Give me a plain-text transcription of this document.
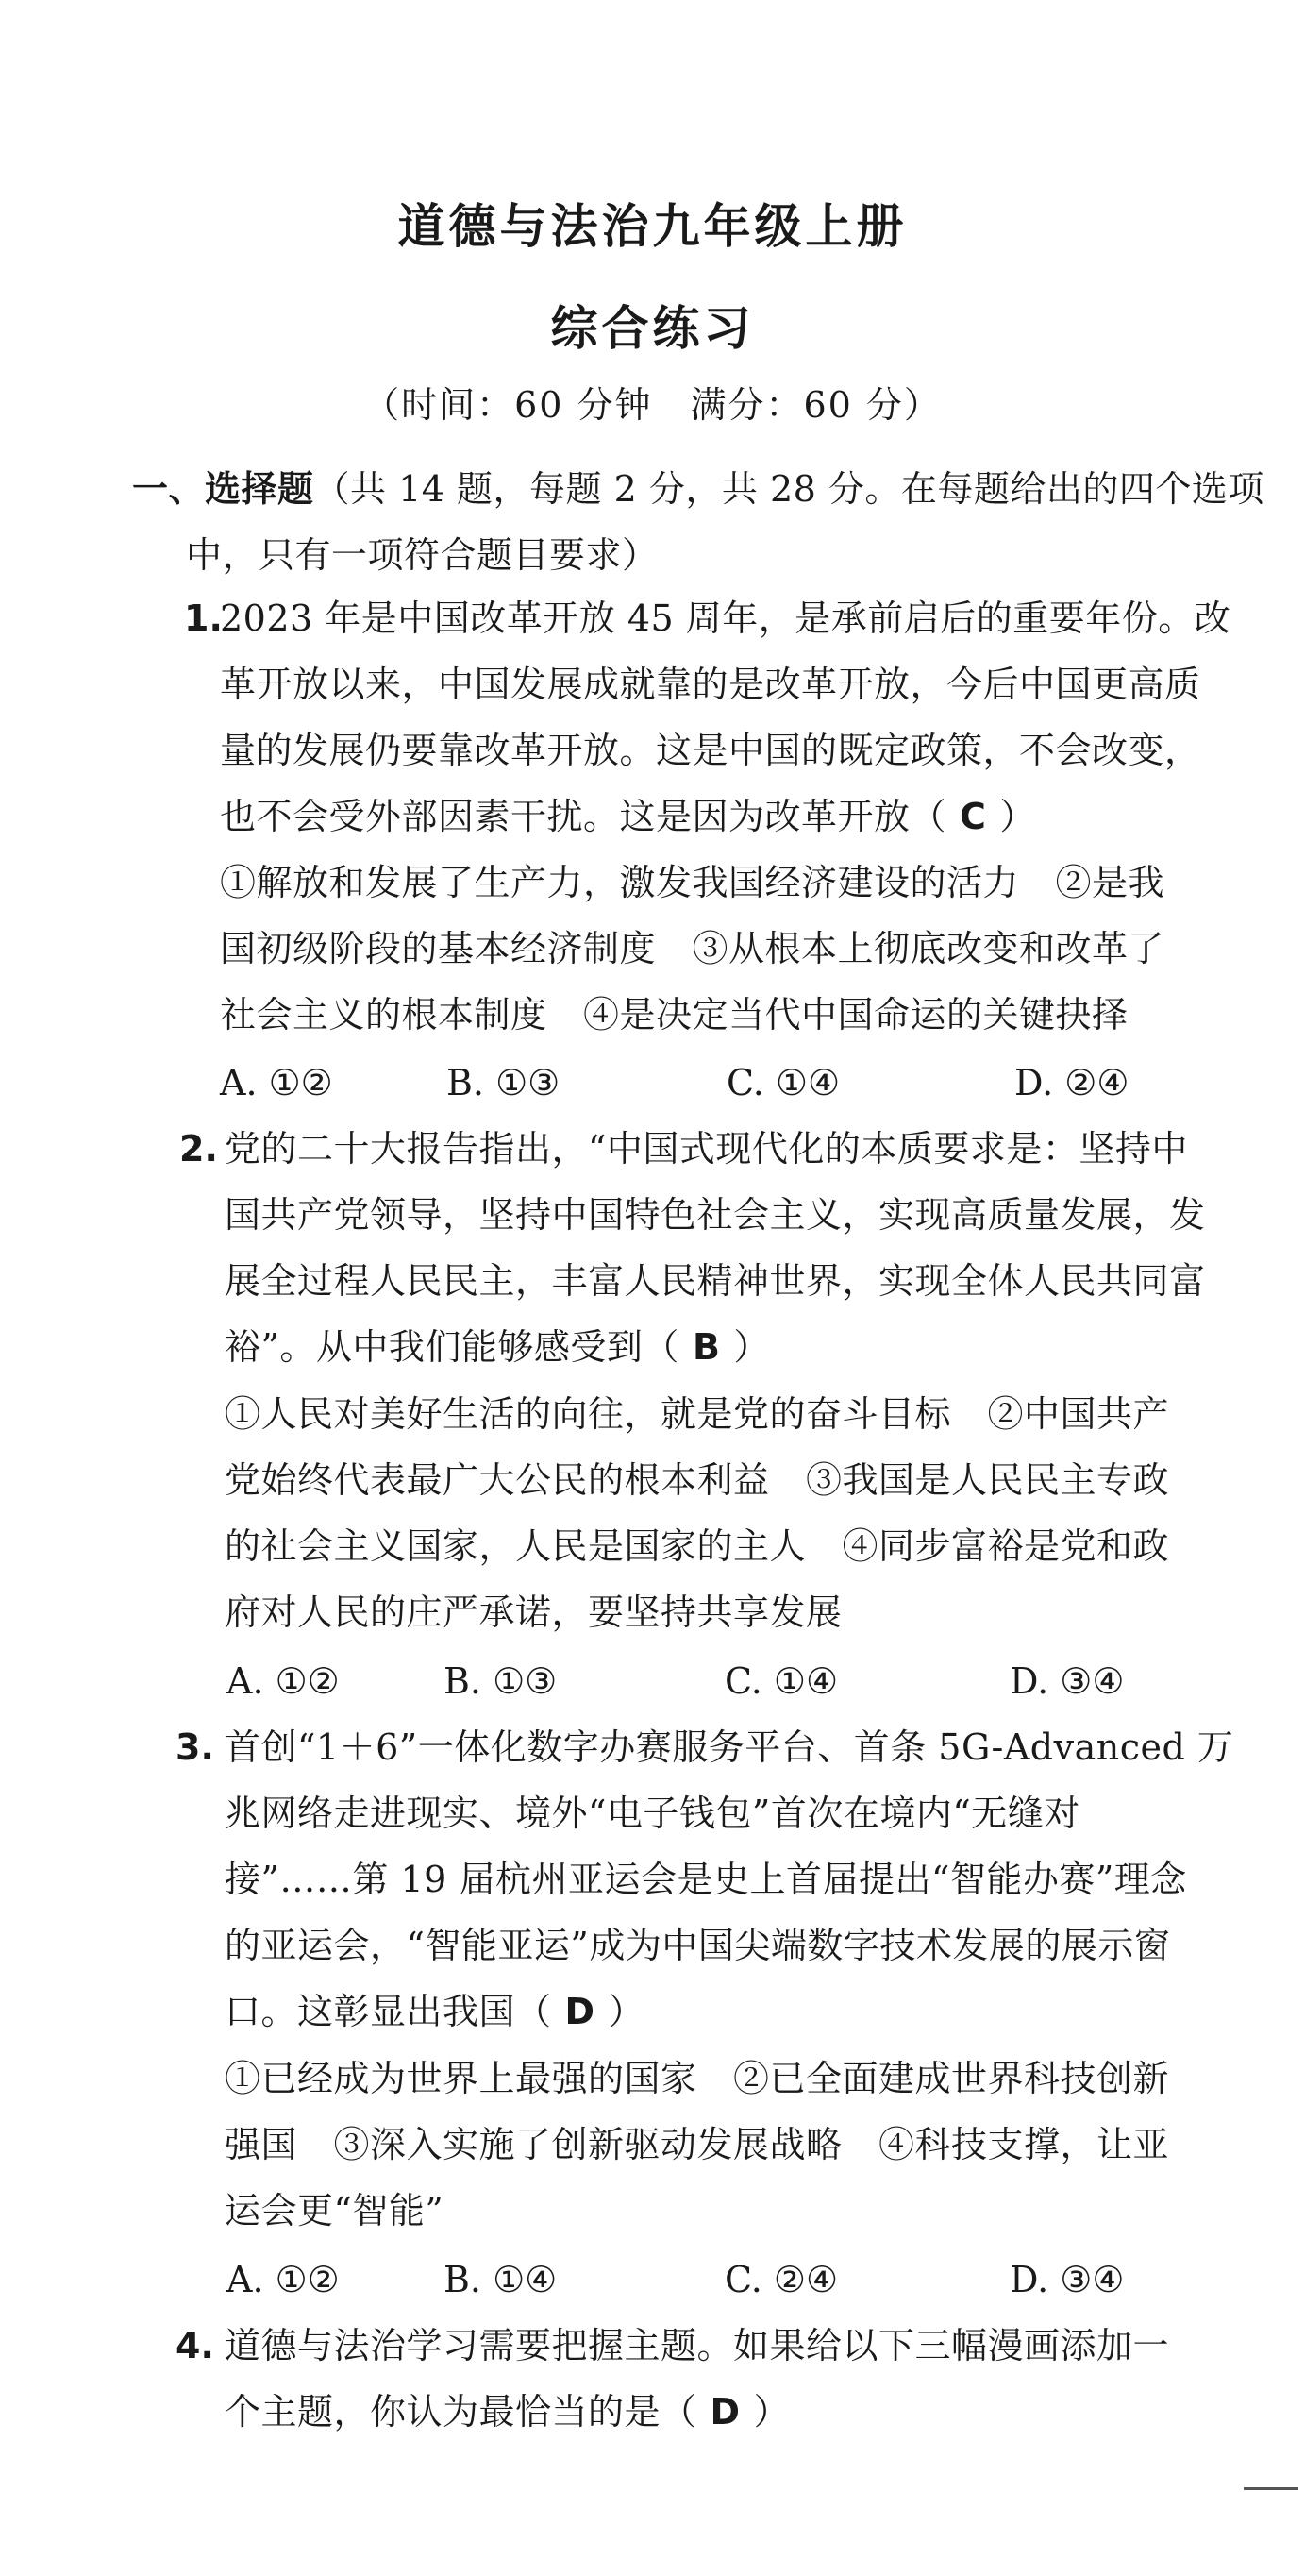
道德与法治九年级上册
综合练习
（时间：60 分钟　满分：60 分）
一、选择题（共 14 题，每题 2 分，共 28 分。在每题给出的四个选项
中，只有一项符合题目要求）
1.
2023 年是中国改革开放 45 周年，是承前启后的重要年份。改
革开放以来，中国发展成就靠的是改革开放，今后中国更高质
量的发展仍要靠改革开放。这是中国的既定政策，不会改变，
也不会受外部因素干扰。这是因为改革开放（ C ）
①解放和发展了生产力，激发我国经济建设的活力　②是我
国初级阶段的基本经济制度　③从根本上彻底改变和改革了
社会主义的根本制度　④是决定当代中国命运的关键抉择
A. ①②	B. ①③	C. ①④	D. ②④
2. 党的二十大报告指出，“中国式现代化的本质要求是：坚持中
国共产党领导，坚持中国特色社会主义，实现高质量发展，发
展全过程人民民主，丰富人民精神世界，实现全体人民共同富
裕”。从中我们能够感受到（ B ）
①人民对美好生活的向往，就是党的奋斗目标　②中国共产
党始终代表最广大公民的根本利益　③我国是人民民主专政
的社会主义国家，人民是国家的主人　④同步富裕是党和政
府对人民的庄严承诺，要坚持共享发展
A. ①②	B. ①③	C. ①④	D. ③④
3. 首创“1＋6”一体化数字办赛服务平台、首条 5G-Advanced 万
兆网络走进现实、境外“电子钱包”首次在境内“无缝对
接”……第 19 届杭州亚运会是史上首届提出“智能办赛”理念
的亚运会，“智能亚运”成为中国尖端数字技术发展的展示窗
口。这彰显出我国（ D ）
①已经成为世界上最强的国家　②已全面建成世界科技创新
强国　③深入实施了创新驱动发展战略　④科技支撑，让亚
运会更“智能”
A. ①②	B. ①④	C. ②④	D. ③④
4. 道德与法治学习需要把握主题。如果给以下三幅漫画添加一
个主题，你认为最恰当的是（ D ）
